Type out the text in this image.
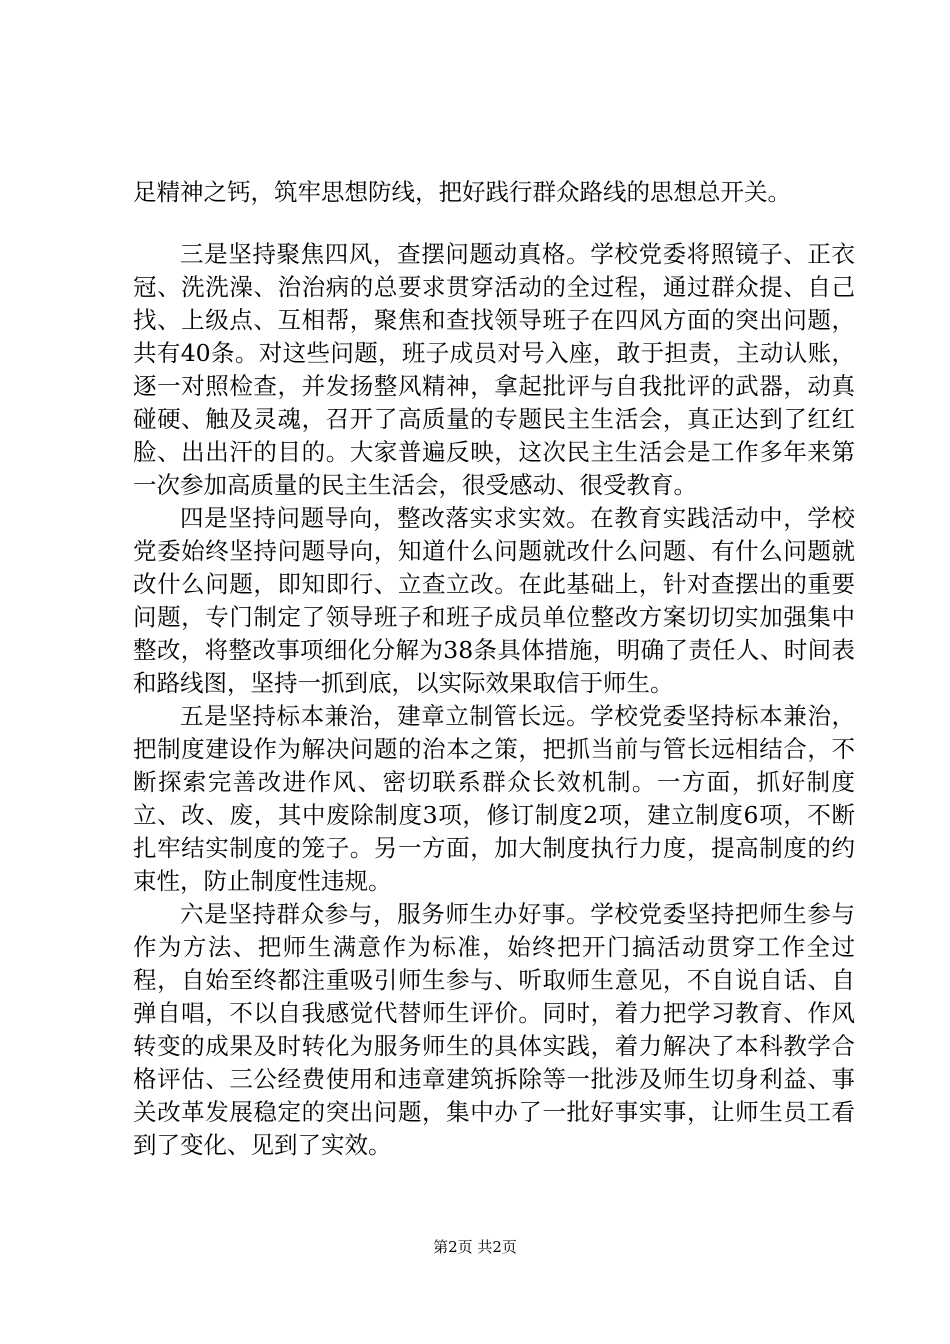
足精神之钙，筑牢思想防线，把好践行群众路线的思想总开关。

三是坚持聚焦四风，查摆问题动真格。学校党委将照镜子、正衣冠、洗洗澡、治治病的总要求贯穿活动的全过程，通过群众提、自己找、上级点、互相帮，聚焦和查找领导班子在四风方面的突出问题，共有40条。对这些问题，班子成员对号入座，敢于担责，主动认账，逐一对照检查，并发扬整风精神，拿起批评与自我批评的武器，动真碰硬、触及灵魂，召开了高质量的专题民主生活会，真正达到了红红脸、出出汗的目的。大家普遍反映，这次民主生活会是工作多年来第一次参加高质量的民主生活会，很受感动、很受教育。

四是坚持问题导向，整改落实求实效。在教育实践活动中，学校党委始终坚持问题导向，知道什么问题就改什么问题、有什么问题就改什么问题，即知即行、立查立改。在此基础上，针对查摆出的重要问题，专门制定了领导班子和班子成员单位整改方案切切实加强集中整改，将整改事项细化分解为38条具体措施，明确了责任人、时间表和路线图，坚持一抓到底，以实际效果取信于师生。

五是坚持标本兼治，建章立制管长远。学校党委坚持标本兼治，把制度建设作为解决问题的治本之策，把抓当前与管长远相结合，不断探索完善改进作风、密切联系群众长效机制。一方面，抓好制度立、改、废，其中废除制度3项，修订制度2项，建立制度6项，不断扎牢结实制度的笼子。另一方面，加大制度执行力度，提高制度的约束性，防止制度性违规。

六是坚持群众参与，服务师生办好事。学校党委坚持把师生参与作为方法、把师生满意作为标准，始终把开门搞活动贯穿工作全过程，自始至终都注重吸引师生参与、听取师生意见，不自说自话、自弹自唱，不以自我感觉代替师生评价。同时，着力把学习教育、作风转变的成果及时转化为服务师生的具体实践，着力解决了本科教学合格评估、三公经费使用和违章建筑拆除等一批涉及师生切身利益、事关改革发展稳定的突出问题，集中办了一批好事实事，让师生员工看到了变化、见到了实效。

第2页 共2页
